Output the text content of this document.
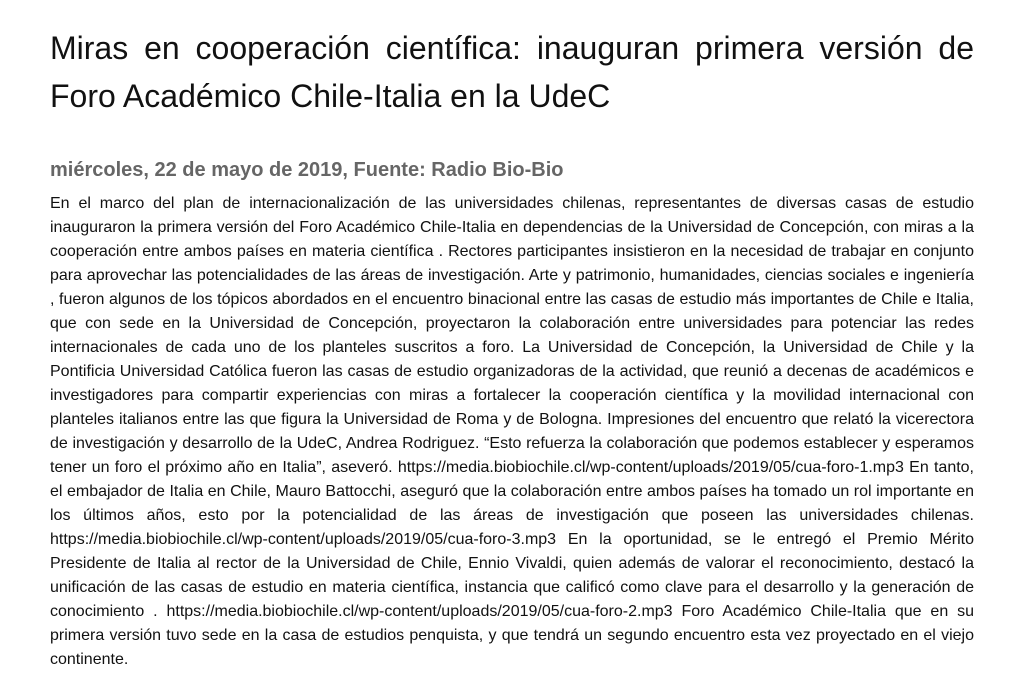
Miras en cooperación científica: inauguran primera versión de Foro Académico Chile-Italia en la UdeC
miércoles, 22 de mayo de 2019, Fuente: Radio Bio-Bio

En el marco del plan de internacionalización de las universidades chilenas, representantes de diversas casas de estudio inauguraron la primera versión del Foro Académico Chile-Italia en dependencias de la Universidad de Concepción, con miras a la cooperación entre ambos países en materia científica . Rectores participantes insistieron en la necesidad de trabajar en conjunto para aprovechar las potencialidades de las áreas de investigación. Arte y patrimonio, humanidades, ciencias sociales e ingeniería , fueron algunos de los tópicos abordados en el encuentro binacional entre las casas de estudio más importantes de Chile e Italia, que con sede en la Universidad de Concepción, proyectaron la colaboración entre universidades para potenciar las redes internacionales de cada uno de los planteles suscritos a foro. La Universidad de Concepción, la Universidad de Chile y la Pontificia Universidad Católica fueron las casas de estudio organizadoras de la actividad, que reunió a decenas de académicos e investigadores para compartir experiencias con miras a fortalecer la cooperación científica y la movilidad internacional con planteles italianos entre las que figura la Universidad de Roma y de Bologna. Impresiones del encuentro que relató la vicerectora de investigación y desarrollo de la UdeC, Andrea Rodriguez. “Esto refuerza la colaboración que podemos establecer y esperamos tener un foro el próximo año en Italia”, aseveró. https://media.biobiochile.cl/wp-content/uploads/2019/05/cua-foro-1.mp3 En tanto, el embajador de Italia en Chile, Mauro Battocchi, aseguró que la colaboración entre ambos países ha tomado un rol importante en los últimos años, esto por la potencialidad de las áreas de investigación que poseen las universidades chilenas. https://media.biobiochile.cl/wp-content/uploads/2019/05/cua-foro-3.mp3 En la oportunidad, se le entregó el Premio Mérito Presidente de Italia al rector de la Universidad de Chile, Ennio Vivaldi, quien además de valorar el reconocimiento, destacó la unificación de las casas de estudio en materia científica, instancia que calificó como clave para el desarrollo y la generación de conocimiento . https://media.biobiochile.cl/wp-content/uploads/2019/05/cua-foro-2.mp3 Foro Académico Chile-Italia que en su primera versión tuvo sede en la casa de estudios penquista, y que tendrá un segundo encuentro esta vez proyectado en el viejo continente.
